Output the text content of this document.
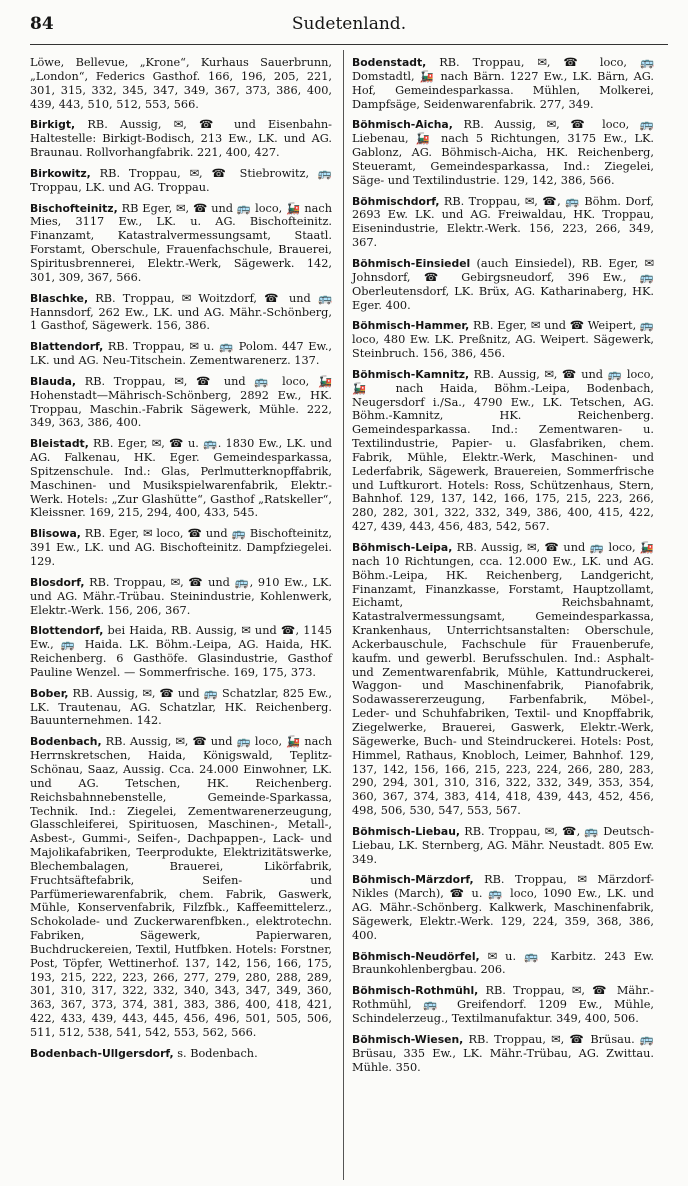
Sudetenland.
84

Löwe, Bellevue, „Krone“, Kurhaus Sauerbrunn, „London“, Federics Gasthof. 166, 196, 205, 221, 301, 315, 332, 345, 347, 349, 367, 373, 386, 400, 439, 443, 510, 512, 553, 566.

Birkigt, RB. Aussig, ✉, ☎ und Eisenbahn-Haltestelle: Birkigt-Bodisch, 213 Ew., LK. und AG. Braunau. Rollvorhangfabrik. 221, 400, 427.

Birkowitz, RB. Troppau, ✉, ☎ Stiebrowitz, 🚌 Troppau, LK. und AG. Troppau.

Bischofteinitz, RB Eger, ✉, ☎ und 🚌 loco, 🚂 nach Mies, 3117 Ew., LK. u. AG. Bischofteinitz. Finanzamt, Katastralvermessungsamt, Staatl. Forstamt, Oberschule, Frauenfachschule, Brauerei, Spiritusbrennerei, Elektr.-Werk, Sägewerk. 142, 301, 309, 367, 566.

Blaschke, RB. Troppau, ✉ Woitzdorf, ☎ und 🚌 Hannsdorf, 262 Ew., LK. und AG. Mähr.-Schönberg, 1 Gasthof, Sägewerk. 156, 386.

Blattendorf, RB. Troppau, ✉ u. 🚌 Polom. 447 Ew., LK. und AG. Neu-Titschein. Zementwarenerz. 137.

Blauda, RB. Troppau, ✉, ☎ und 🚌 loco, 🚂 Hohenstadt—Mährisch-Schönberg, 2892 Ew., HK. Troppau, Maschin.-Fabrik Sägewerk, Mühle. 222, 349, 363, 386, 400.

Bleistadt, RB. Eger, ✉, ☎ u. 🚌. 1830 Ew., LK. und AG. Falkenau, HK. Eger. Gemeindesparkassa, Spitzenschule. Ind.: Glas, Perlmutterknopffabrik, Maschinen- und Musikspielwarenfabrik, Elektr.-Werk. Hotels: „Zur Glashütte“, Gasthof „Ratskeller“, Kleissner. 169, 215, 294, 400, 433, 545.

Blisowa, RB. Eger, ✉ loco, ☎ und 🚌 Bischofteinitz, 391 Ew., LK. und AG. Bischofteinitz. Dampfziegelei. 129.

Blosdorf, RB. Troppau, ✉, ☎ und 🚌, 910 Ew., LK. und AG. Mähr.-Trübau. Steinindustrie, Kohlenwerk, Elektr.-Werk. 156, 206, 367.

Blottendorf, bei Haida, RB. Aussig, ✉ und ☎, 1145 Ew., 🚌 Haida. LK. Böhm.-Leipa, AG. Haida, HK. Reichenberg. 6 Gasthöfe. Glasindustrie, Gasthof Pauline Wenzel. — Sommerfrische. 169, 175, 373.

Bober, RB. Aussig, ✉, ☎ und 🚌 Schatzlar, 825 Ew., LK. Trautenau, AG. Schatzlar, HK. Reichenberg. Bauunternehmen. 142.

Bodenbach, RB. Aussig, ✉, ☎ und 🚌 loco, 🚂 nach Herrnskretschen, Haida, Königswald, Teplitz-Schönau, Saaz, Aussig. Cca. 24.000 Einwohner, LK. und AG. Tetschen, HK. Reichenberg. Reichsbahnnebenstelle, Gemeinde-Sparkassa, Technik. Ind.: Ziegelei, Zementwarenerzeugung, Glasschleiferei, Spirituosen, Maschinen-, Metall-, Asbest-, Gummi-, Seifen-, Dachpappen-, Lack- und Majolikafabriken, Teerprodukte, Elektrizitätswerke, Blechembalagen, Brauerei, Likörfabrik, Fruchtsäftefabrik, Seifen- und Parfümeriewarenfabrik, chem. Fabrik, Gaswerk, Mühle, Konservenfabrik, Filzfbk., Kaffeemittelerz., Schokolade- und Zuckerwarenfbken., elektrotechn. Fabriken, Sägewerk, Papierwaren, Buchdruckereien, Textil, Hutfbken. Hotels: Forstner, Post, Töpfer, Wettinerhof. 137, 142, 156, 166, 175, 193, 215, 222, 223, 266, 277, 279, 280, 288, 289, 301, 310, 317, 322, 332, 340, 343, 347, 349, 360, 363, 367, 373, 374, 381, 383, 386, 400, 418, 421, 422, 433, 439, 443, 445, 456, 496, 501, 505, 506, 511, 512, 538, 541, 542, 553, 562, 566.

Bodenbach-Ullgersdorf, s. Bodenbach.

Bodenstadt, RB. Troppau, ✉, ☎ loco, 🚌 Domstadtl, 🚂 nach Bärn. 1227 Ew., LK. Bärn, AG. Hof, Gemeindesparkassa. Mühlen, Molkerei, Dampfsäge, Seidenwarenfabrik. 277, 349.

Böhmisch-Aicha, RB. Aussig, ✉, ☎ loco, 🚌 Liebenau, 🚂 nach 5 Richtungen, 3175 Ew., LK. Gablonz, AG. Böhmisch-Aicha, HK. Reichenberg, Steueramt, Gemeindesparkassa, Ind.: Ziegelei, Säge- und Textilindustrie. 129, 142, 386, 566.

Böhmischdorf, RB. Troppau, ✉, ☎, 🚌 Böhm. Dorf, 2693 Ew. LK. und AG. Freiwaldau, HK. Troppau, Eisenindustrie, Elektr.-Werk. 156, 223, 266, 349, 367.

Böhmisch-Einsiedel (auch Einsiedel), RB. Eger, ✉ Johnsdorf, ☎ Gebirgsneudorf, 396 Ew., 🚌 Oberleutensdorf, LK. Brüx, AG. Katharinaberg, HK. Eger. 400.

Böhmisch-Hammer, RB. Eger, ✉ und ☎ Weipert, 🚌 loco, 480 Ew. LK. Preßnitz, AG. Weipert. Sägewerk, Steinbruch. 156, 386, 456.

Böhmisch-Kamnitz, RB. Aussig, ✉, ☎ und 🚌 loco, 🚂 nach Haida, Böhm.-Leipa, Bodenbach, Neugersdorf i./Sa., 4790 Ew., LK. Tetschen, AG. Böhm.-Kamnitz, HK. Reichenberg. Gemeindesparkassa. Ind.: Zementwaren- u. Textilindustrie, Papier- u. Glasfabriken, chem. Fabrik, Mühle, Elektr.-Werk, Maschinen- und Lederfabrik, Sägewerk, Brauereien, Sommerfrische und Luftkurort. Hotels: Ross, Schützenhaus, Stern, Bahnhof. 129, 137, 142, 166, 175, 215, 223, 266, 280, 282, 301, 322, 332, 349, 386, 400, 415, 422, 427, 439, 443, 456, 483, 542, 567.

Böhmisch-Leipa, RB. Aussig, ✉, ☎ und 🚌 loco, 🚂 nach 10 Richtungen, cca. 12.000 Ew., LK. und AG. Böhm.-Leipa, HK. Reichenberg, Landgericht, Finanzamt, Finanzkasse, Forstamt, Hauptzollamt, Eichamt, Reichsbahnamt, Katastralvermessungsamt, Gemeindesparkassa, Krankenhaus, Unterrichtsanstalten: Oberschule, Ackerbauschule, Fachschule für Frauenberufe, kaufm. und gewerbl. Berufsschulen. Ind.: Asphalt- und Zementwarenfabrik, Mühle, Kattundruckerei, Waggon- und Maschinenfabrik, Pianofabrik, Sodawassererzeugung, Farbenfabrik, Möbel-, Leder- und Schuhfabriken, Textil- und Knopffabrik, Ziegelwerke, Brauerei, Gaswerk, Elektr.-Werk, Sägewerke, Buch- und Steindruckerei. Hotels: Post, Himmel, Rathaus, Knobloch, Leimer, Bahnhof. 129, 137, 142, 156, 166, 215, 223, 224, 266, 280, 283, 290, 294, 301, 310, 316, 322, 332, 349, 353, 354, 360, 367, 374, 383, 414, 418, 439, 443, 452, 456, 498, 506, 530, 547, 553, 567.

Böhmisch-Liebau, RB. Troppau, ✉, ☎, 🚌 Deutsch-Liebau, LK. Sternberg, AG. Mähr. Neustadt. 805 Ew. 349.

Böhmisch-Märzdorf, RB. Troppau, ✉ Märzdorf-Nikles (March), ☎ u. 🚌 loco, 1090 Ew., LK. und AG. Mähr.-Schönberg. Kalkwerk, Maschinenfabrik, Sägewerk, Elektr.-Werk. 129, 224, 359, 368, 386, 400.

Böhmisch-Neudörfel, ✉ u. 🚌 Karbitz. 243 Ew. Braunkohlenbergbau. 206.

Böhmisch-Rothmühl, RB. Troppau, ✉, ☎ Mähr.-Rothmühl, 🚌 Greifendorf. 1209 Ew., Mühle, Schindelerzeug., Textilmanufaktur. 349, 400, 506.

Böhmisch-Wiesen, RB. Troppau, ✉, ☎ Brüsau. 🚌 Brüsau, 335 Ew., LK. Mähr.-Trübau, AG. Zwittau. Mühle. 350.
